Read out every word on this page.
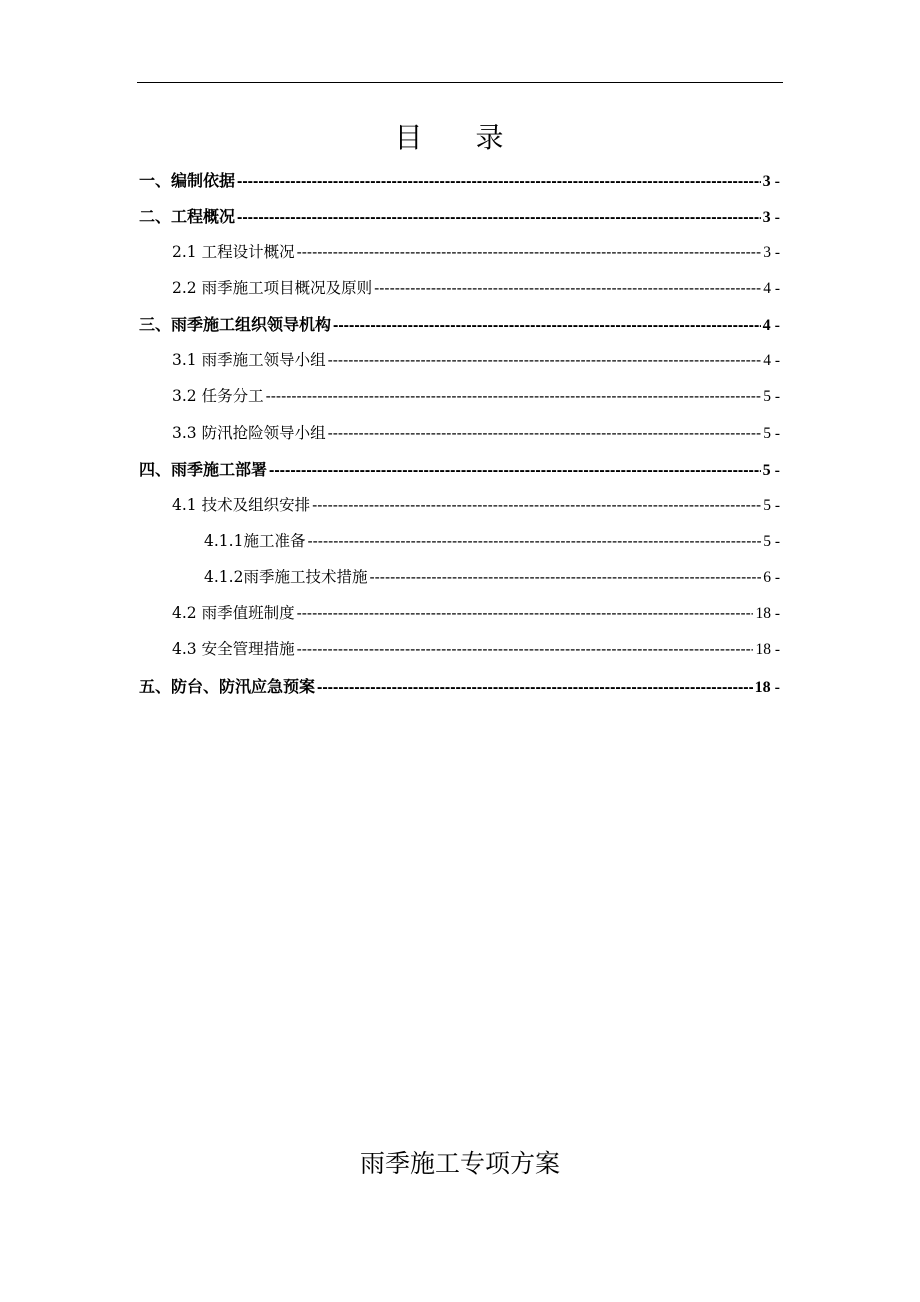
目 录
一、编制依据 -----	3 -
二、工程概况 -----	3 -
2.1 工程设计概况 -----	3 -
2.2 雨季施工项目概况及原则 -----	4 -
三、雨季施工组织领导机构 -----	4 -
3.1 雨季施工领导小组 -----	4 -
3.2 任务分工 -----	5 -
3.3 防汛抢险领导小组 -----	5 -
四、雨季施工部署 -----	5 -
4.1 技术及组织安排 -----	5 -
4.1.1施工准备 -----	5 -
4.1.2雨季施工技术措施 -----	6 -
4.2 雨季值班制度 -----	18 -
4.3 安全管理措施 -----	18 -
五、防台、防汛应急预案 -----	18 -
雨季施工专项方案
